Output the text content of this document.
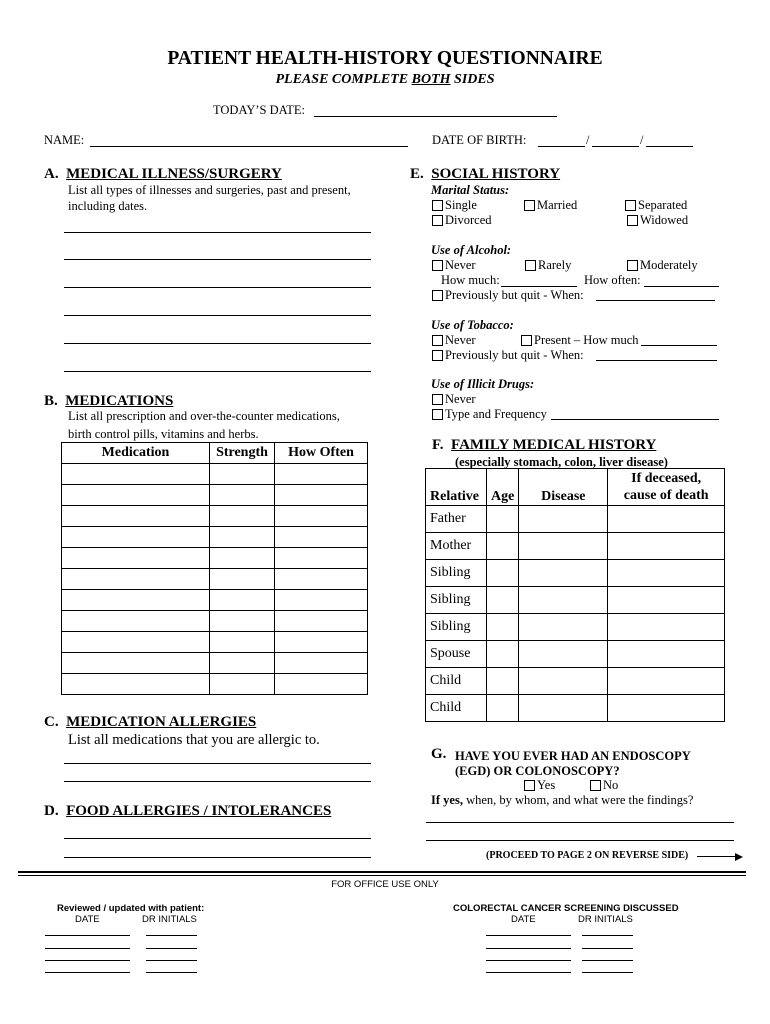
PATIENT HEALTH-HISTORY QUESTIONNAIRE
PLEASE COMPLETE BOTH SIDES
TODAY’S DATE:
NAME:	DATE OF BIRTH:	/	/
A. MEDICAL ILLNESS/SURGERY
List all types of illnesses and surgeries, past and present,
including dates.
B. MEDICATIONS
List all prescription and over-the-counter medications,
birth control pills, vitamins and herbs.
Medication	Strength	How Often

C. MEDICATION ALLERGIES
List all medications that you are allergic to.
D. FOOD ALLERGIES / INTOLERANCES
E. SOCIAL HISTORY
Marital Status:
Single	Married	Separated
Divorced	Widowed
Use of Alcohol:
Never	Rarely	Moderately
How much:	How often:
Previously but quit - When:
Use of Tobacco:
Never	Present – How much
Previously but quit - When:
Use of Illicit Drugs:
Never
Type and Frequency
F. FAMILY MEDICAL HISTORY
(especially stomach, colon, liver disease)
Relative	Age	Disease	If deceased,
cause of death
Father			
Mother			
Sibling			
Sibling			
Sibling			
Spouse			
Child			
Child			
G. HAVE YOU EVER HAD AN ENDOSCOPY
(EGD) OR COLONOSCOPY?
Yes	No
If yes, when, by whom, and what were the findings?
(PROCEED TO PAGE 2 ON REVERSE SIDE)
FOR OFFICE USE ONLY
Reviewed / updated with patient:
DATE	DR INITIALS
COLORECTAL CANCER SCREENING DISCUSSED
DATE	DR INITIALS
